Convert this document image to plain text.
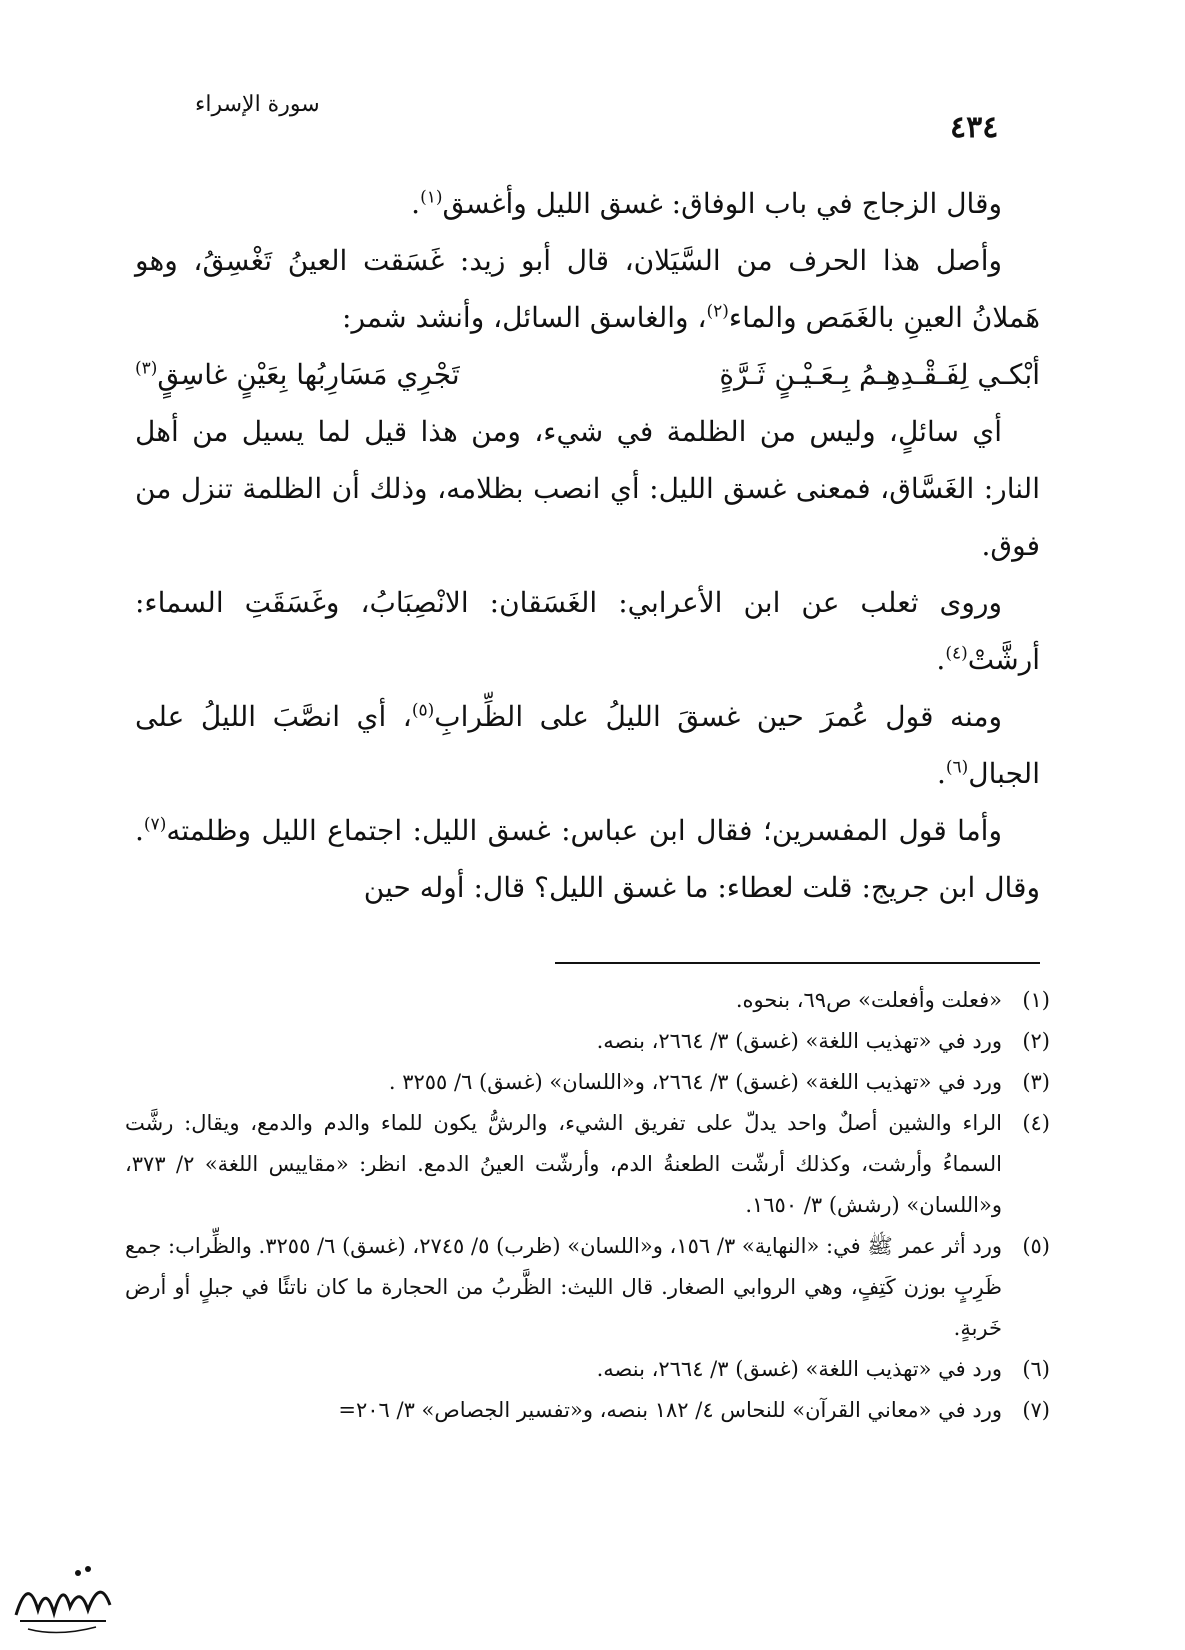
سورة الإسراء
٤٣٤

وقال الزجاج في باب الوفاق: غسق الليل وأغسق$^{(١)}$.

وأصل هذا الحرف من السَّيَلان، قال أبو زيد: غَسَقت العينُ تَغْسِقُ، وهو هَملانُ العينِ بالغَمَص والماء$^{(٢)}$، والغاسق السائل، وأنشد شمر:

أبْكـي لِفَـقْـدِهِـمُ بِـعَـيْـنٍ ثَـرَّةٍ
تَجْرِي مَسَارِبُها بِعَيْنٍ غاسِقٍ$^{(٣)}$

أي سائلٍ، وليس من الظلمة في شيء، ومن هذا قيل لما يسيل من أهل النار: الغَسَّاق، فمعنى غسق الليل: أي انصب بظلامه، وذلك أن الظلمة تنزل من فوق.

وروى ثعلب عن ابن الأعرابي: الغَسَقان: الانْصِبَابُ، وغَسَقَتِ السماء: أرشَّتْ$^{(٤)}$.

ومنه قول عُمرَ حين غسقَ الليلُ على الظِّرابِ$^{(٥)}$، أي انصَّبَ الليلُ على الجبال$^{(٦)}$.

وأما قول المفسرين؛ فقال ابن عباس: غسق الليل: اجتماع الليل وظلمته$^{(٧)}$. وقال ابن جريج: قلت لعطاء: ما غسق الليل؟ قال: أوله حين

(١)
«فعلت وأفعلت» ص٦٩، بنحوه.
(٢)
ورد في «تهذيب اللغة» (غسق) ٣/ ٢٦٦٤، بنصه.
(٣)
ورد في «تهذيب اللغة» (غسق) ٣/ ٢٦٦٤، و«اللسان» (غسق) ٦/ ٣٢٥٥ .
(٤)
الراء والشين أصلٌ واحد يدلّ على تفريق الشيء، والرشُّ يكون للماء والدم والدمع، ويقال: رشَّت السماءُ وأرشت، وكذلك أرشّت الطعنةُ الدم، وأرشّت العينُ الدمع. انظر: «مقاييس اللغة» ٢/ ٣٧٣، و«اللسان» (رشش) ٣/ ١٦٥٠.
(٥)
ورد أثر عمر ﷺ في: «النهاية» ٣/ ١٥٦، و«اللسان» (ظرب) ٥/ ٢٧٤٥، (غسق) ٦/ ٣٢٥٥. والظِّراب: جمع ظَرِبٍ بوزن كَتِفٍ، وهي الروابي الصغار. قال الليث: الظَّربُ من الحجارة ما كان ناتئًا في جبلٍ أو أرض خَربةٍ.
(٦)
ورد في «تهذيب اللغة» (غسق) ٣/ ٢٦٦٤، بنصه.
(٧)
ورد في «معاني القرآن» للنحاس ٤/ ١٨٢ بنصه، و«تفسير الجصاص» ٣/ ٢٠٦=
